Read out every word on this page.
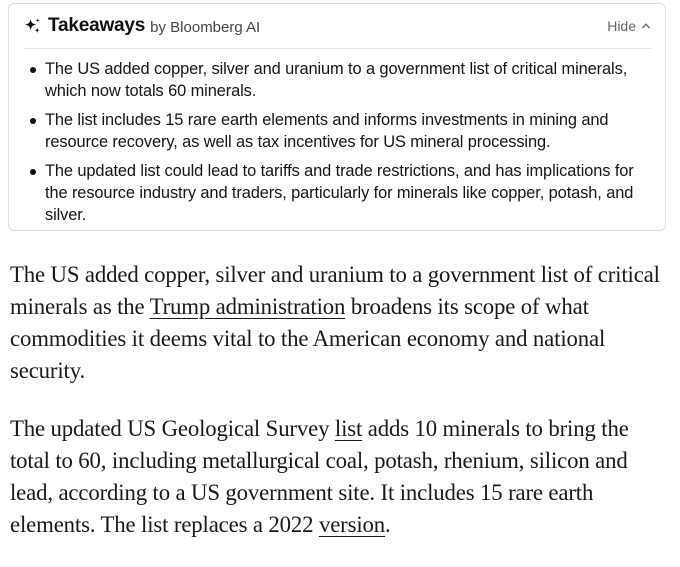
Takeaways by Bloomberg AI	Hide
The US added copper, silver and uranium to a government list of critical minerals, which now totals 60 minerals.
The list includes 15 rare earth elements and informs investments in mining and resource recovery, as well as tax incentives for US mineral processing.
The updated list could lead to tariffs and trade restrictions, and has implications for the resource industry and traders, particularly for minerals like copper, potash, and silver.

The US added copper, silver and uranium to a government list of critical minerals as the Trump administration broadens its scope of what commodities it deems vital to the American economy and national security.

The updated US Geological Survey list adds 10 minerals to bring the total to 60, including metallurgical coal, potash, rhenium, silicon and lead, according to a US government site. It includes 15 rare earth elements. The list replaces a 2022 version.
